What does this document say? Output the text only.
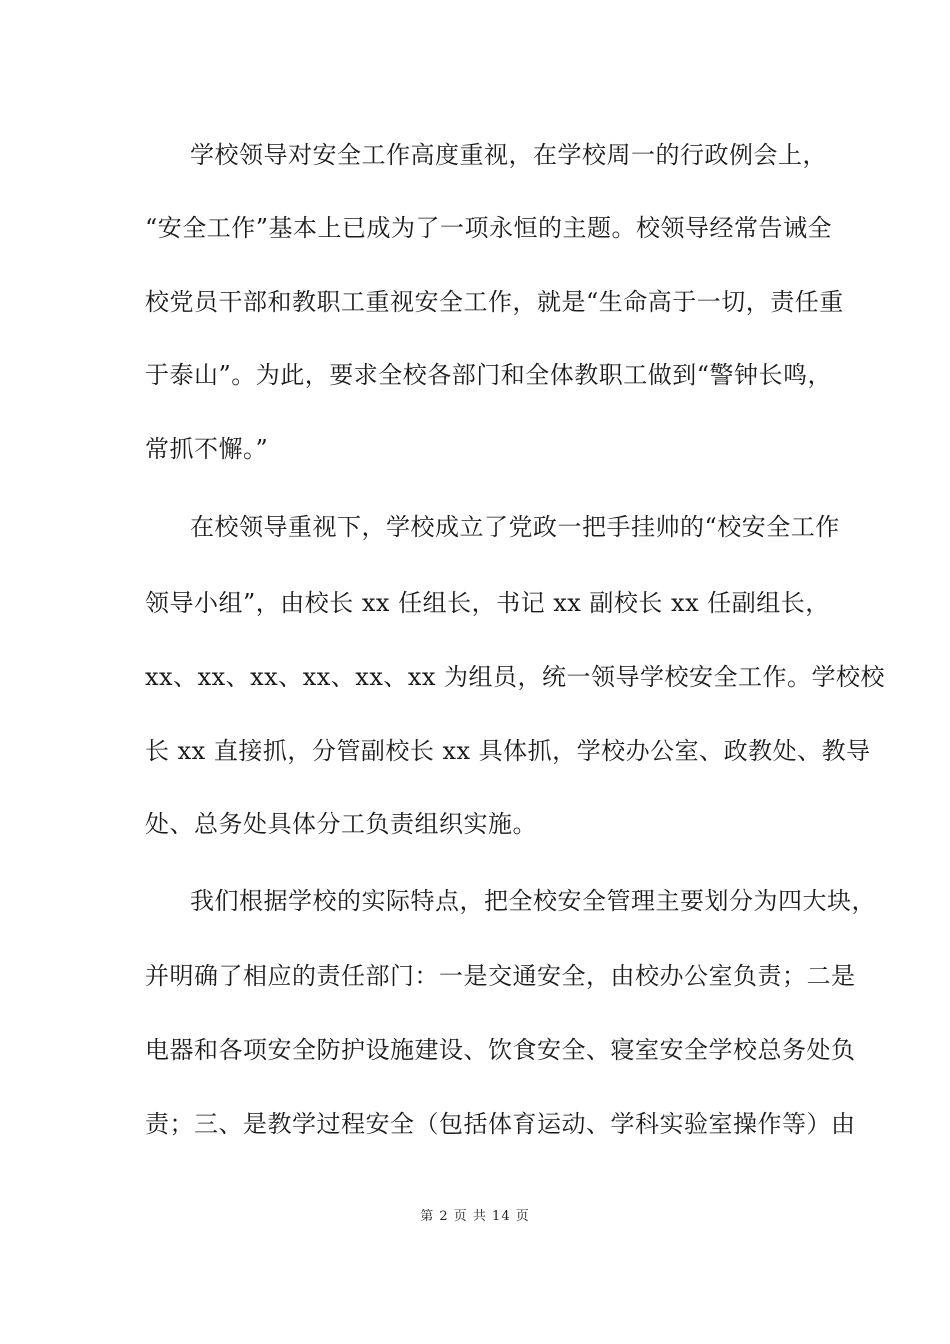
学校领导对安全工作高度重视，在学校周一的行政例会上，
“安全工作”基本上已成为了一项永恒的主题。校领导经常告诫全
校党员干部和教职工重视安全工作，就是“生命高于一切，责任重
于泰山”。为此，要求全校各部门和全体教职工做到“警钟长鸣，
常抓不懈。”
在校领导重视下，学校成立了党政一把手挂帅的“校安全工作
领导小组”，由校长 xx 任组长，书记 xx 副校长 xx 任副组长，
xx、xx、xx、xx、xx、xx 为组员，统一领导学校安全工作。学校校
长 xx 直接抓，分管副校长 xx 具体抓，学校办公室、政教处、教导
处、总务处具体分工负责组织实施。
我们根据学校的实际特点，把全校安全管理主要划分为四大块，
并明确了相应的责任部门：一是交通安全，由校办公室负责；二是
电器和各项安全防护设施建设、饮食安全、寝室安全学校总务处负
责；三、是教学过程安全（包括体育运动、学科实验室操作等）由
第 2 页 共 14 页
